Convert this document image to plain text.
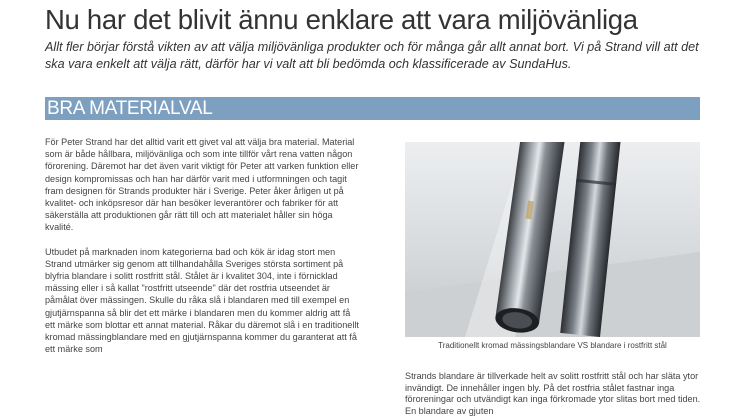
Nu har det blivit ännu enklare att vara miljövänliga
Allt fler börjar förstå vikten av att välja miljövänliga produkter och för många går allt annat bort. Vi på Strand vill att det ska vara enkelt att välja rätt, därför har vi valt att bli bedömda och klassificerade av SundaHus.
BRA MATERIALVAL

För Peter Strand har det alltid varit ett givet val att välja bra material. Material som är både hållbara, miljövänliga och som inte tillför vårt rena vatten någon förorening. Däremot har det även varit viktigt för Peter att varken funktion eller design kompromissas och han har därför varit med i utformningen och tagit fram designen för Strands produkter här i Sverige. Peter åker årligen ut på kvalitet- och inköpsresor där han besöker leverantörer och fabriker för att säkerställa att produktionen går rätt till och att materialet håller sin höga kvalité.

Utbudet på marknaden inom kategorierna bad och kök är idag stort men Strand utmärker sig genom att tillhandahålla Sveriges största sortiment på blyfria blandare i solitt rostfritt stål. Stålet är i kvalitet 304, inte i förnicklad mässing eller i så kallat "rostfritt utseende" där det rostfria utseendet är påmålat över mässingen. Skulle du råka slå i blandaren med till exempel en gjutjärnspanna så blir det ett märke i blandaren men du kommer aldrig att få ett märke som blottar ett annat material. Råkar du däremot slå i en traditionellt kromad mässingblandare med en gjutjärnspanna kommer du garanterat att få ett märke som	Traditionellt kromad mässingsblandare VS blandare i rostfritt stål

Strands blandare är tillverkade helt av solitt rostfritt stål och har släta ytor invändigt. De innehåller ingen bly. På det rostfria stålet fastnar inga föroreningar och utvändigt kan inga förkromade ytor slitas bort med tiden. En blandare av gjuten
